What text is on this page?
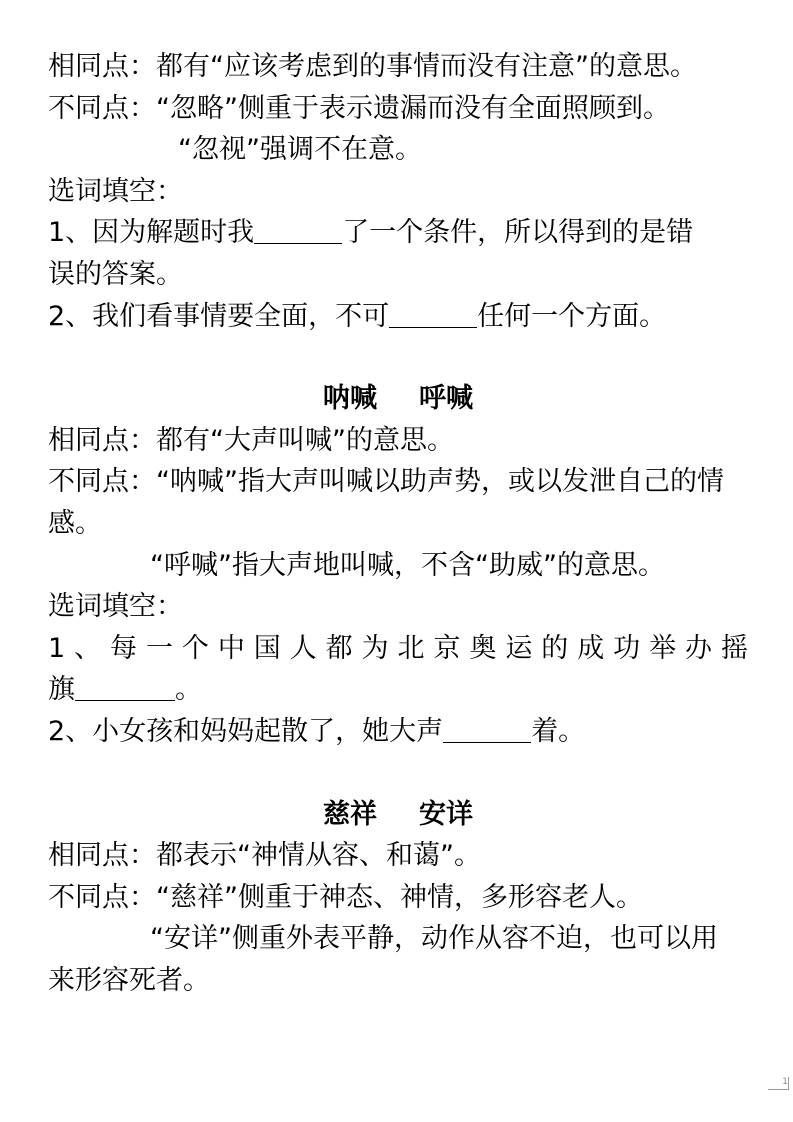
相同点：都有“应该考虑到的事情而没有注意”的意思。
不同点：“忽略”侧重于表示遗漏而没有全面照顾到。
“忽视”强调不在意。
选词填空：
1、因为解题时我	了一个条件，所以得到的是错
误的答案。
2、我们看事情要全面，不可	任何一个方面。
呐喊 呼喊
相同点：都有“大声叫喊”的意思。
不同点：“呐喊”指大声叫喊以助声势，或以发泄自己的情
感。
“呼喊”指大声地叫喊，不含“助威”的意思。
选词填空：
1、每一个中国人都为北京奥运的成功举办摇
旗	。
2、小女孩和妈妈起散了，她大声	着。
慈祥 安详
相同点：都表示“神情从容、和蔼”。
不同点：“慈祥”侧重于神态、神情，多形容老人。
“安详”侧重外表平静，动作从容不迫，也可以用
来形容死者。
1
